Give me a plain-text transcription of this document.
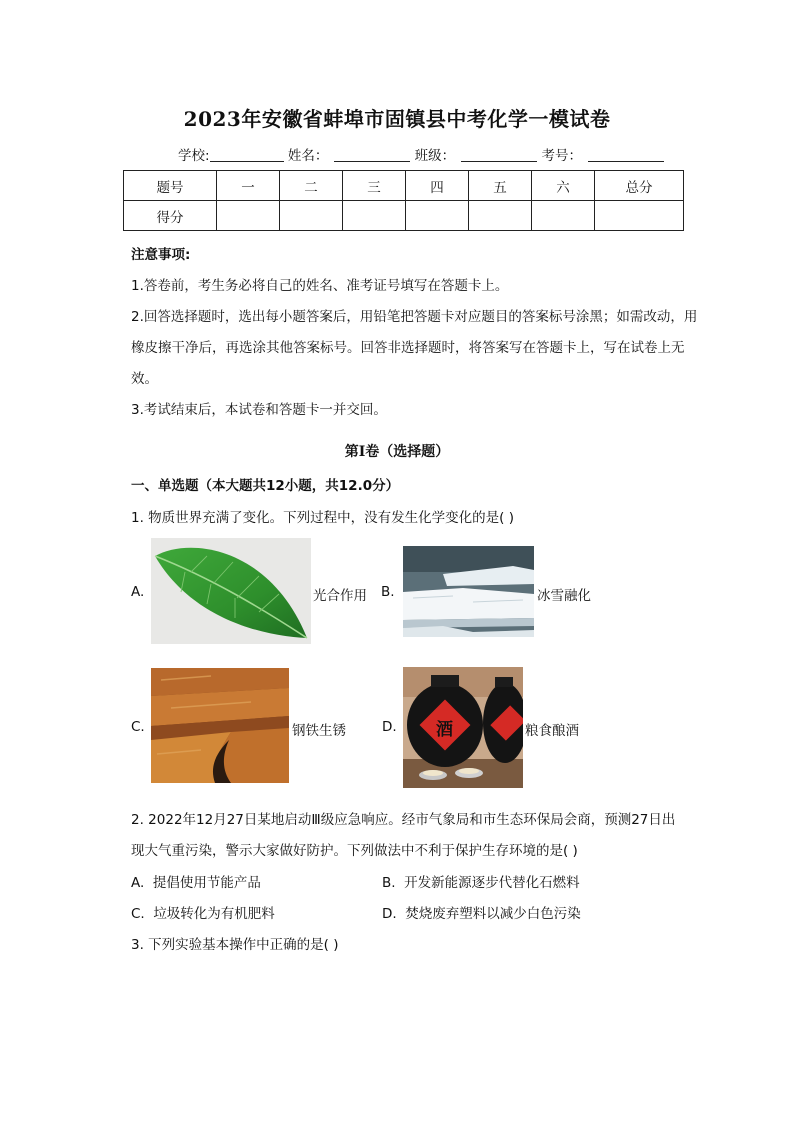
2023年安徽省蚌埠市固镇县中考化学一模试卷
学校:	姓名：	班级：	考号：
题号	一	二	三	四	五	六	总分
得分							

注意事项:

1.答卷前，考生务必将自己的姓名、准考证号填写在答题卡上。

2.回答选择题时，选出每小题答案后，用铅笔把答题卡对应题目的答案标号涂黑；如需改动，用橡皮擦干净后，再选涂其他答案标号。回答非选择题时，将答案写在答题卡上，写在试卷上无效。

3.考试结束后，本试卷和答题卡一并交回。

第Ⅰ卷（选择题）
一、单选题（本大题共12小题，共12.0分）
1. 物质世界充满了变化。下列过程中，没有发生化学变化的是( )
A.	光合作用 B.	冰雪融化
C.	钢铁生锈	D. 酒	粮食酿酒
2. 2022年12月27日某地启动Ⅲ级应急响应。经市气象局和市生态环保局会商，预测27日出
现大气重污染，警示大家做好防护。下列做法中不利于保护生存环境的是( )
A. 提倡使用节能产品	B. 开发新能源逐步代替化石燃料
C. 垃圾转化为有机肥料	D. 焚烧废弃塑料以减少白色污染
3. 下列实验基本操作中正确的是( )
